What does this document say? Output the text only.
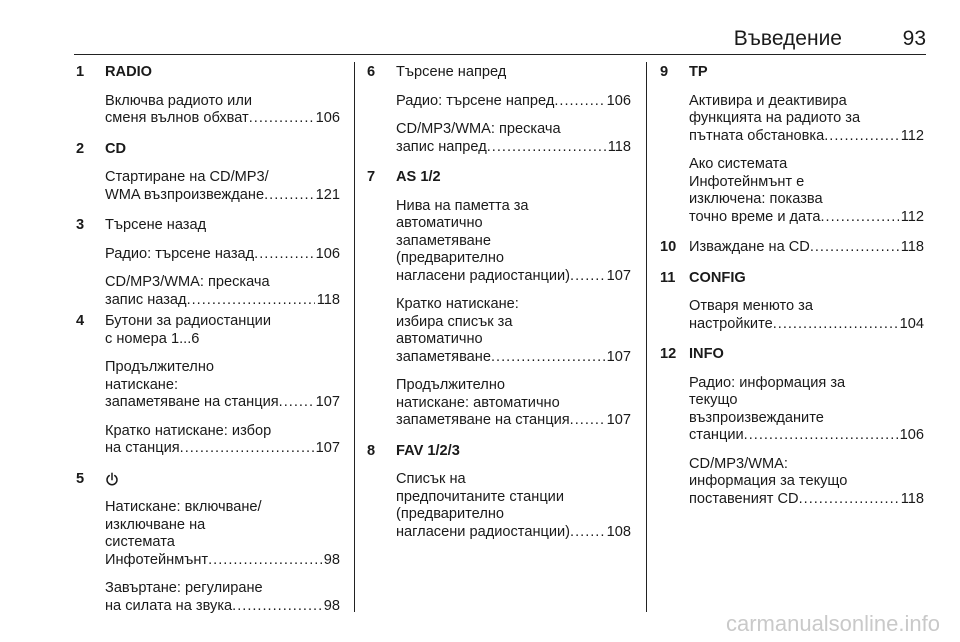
Въведение	93
1	RADIO
Включва радиото или
сменя вълнов обхват .....	106
2	CD
Стартиране на CD/MP3/
WMA възпроизвеждане .....	121
3	Търсене назад
Радио: търсене назад .....	106
CD/MP3/WMA: прескача
запис назад .....	118
4	Бутони за радиостанции
с номера 1...6
Продължително
натискане:
запаметяване на станция .....	107
Кратко натискане: избор
на станция .....	107
5
Натискане: включване/
изключване на
системата
Инфотейнмънт .....	98
Завъртане: регулиране
на силата на звука .....	98
6	Търсене напред
Радио: търсене напред .....	106
CD/MP3/WMA: прескача
запис напред .....	118
7	AS 1/2
Нива на паметта за
автоматично
запаметяване
(предварително
нагласени радиостанции) .....	107
Кратко натискане:
избира списък за
автоматично
запаметяване .....	107
Продължително
натискане: автоматично
запаметяване на станция .....	107
8	FAV 1/2/3
Списък на
предпочитаните станции
(предварително
нагласени радиостанции) .....	108
9	TP
Активира и деактивира
функцията на радиото за
пътната обстановка .....	112
Ако системата
Инфотейнмънт е
изключена: показва
точно време и дата .....	112
10 Изваждане на CD .....	118
11 CONFIG
Отваря менюто за
настройките .....	104
12 INFO
Радио: информация за
текущо
възпроизвежданите
станции .....	106
CD/MP3/WMA:
информация за текущо
поставеният CD .....	118
carmanualsonline.info
